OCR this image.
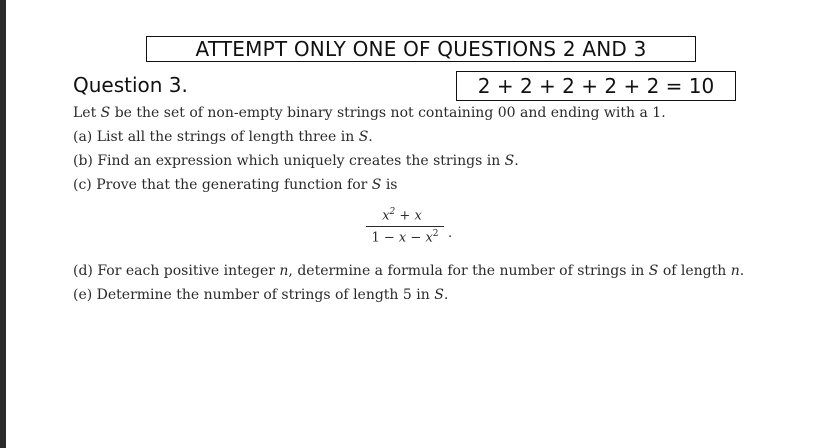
ATTEMPT ONLY ONE OF QUESTIONS 2 AND 3
Question 3.	2 + 2 + 2 + 2 + 2 = 10
Let S be the set of non-empty binary strings not containing 00 and ending with a 1.
(a) List all the strings of length three in S.
(b) Find an expression which uniquely creates the strings in S.
(c) Prove that the generating function for S is
$x^2 + x$
$1 - x - x^2$ .
(d) For each positive integer n, determine a formula for the number of strings in S of length n.
(e) Determine the number of strings of length 5 in S.
